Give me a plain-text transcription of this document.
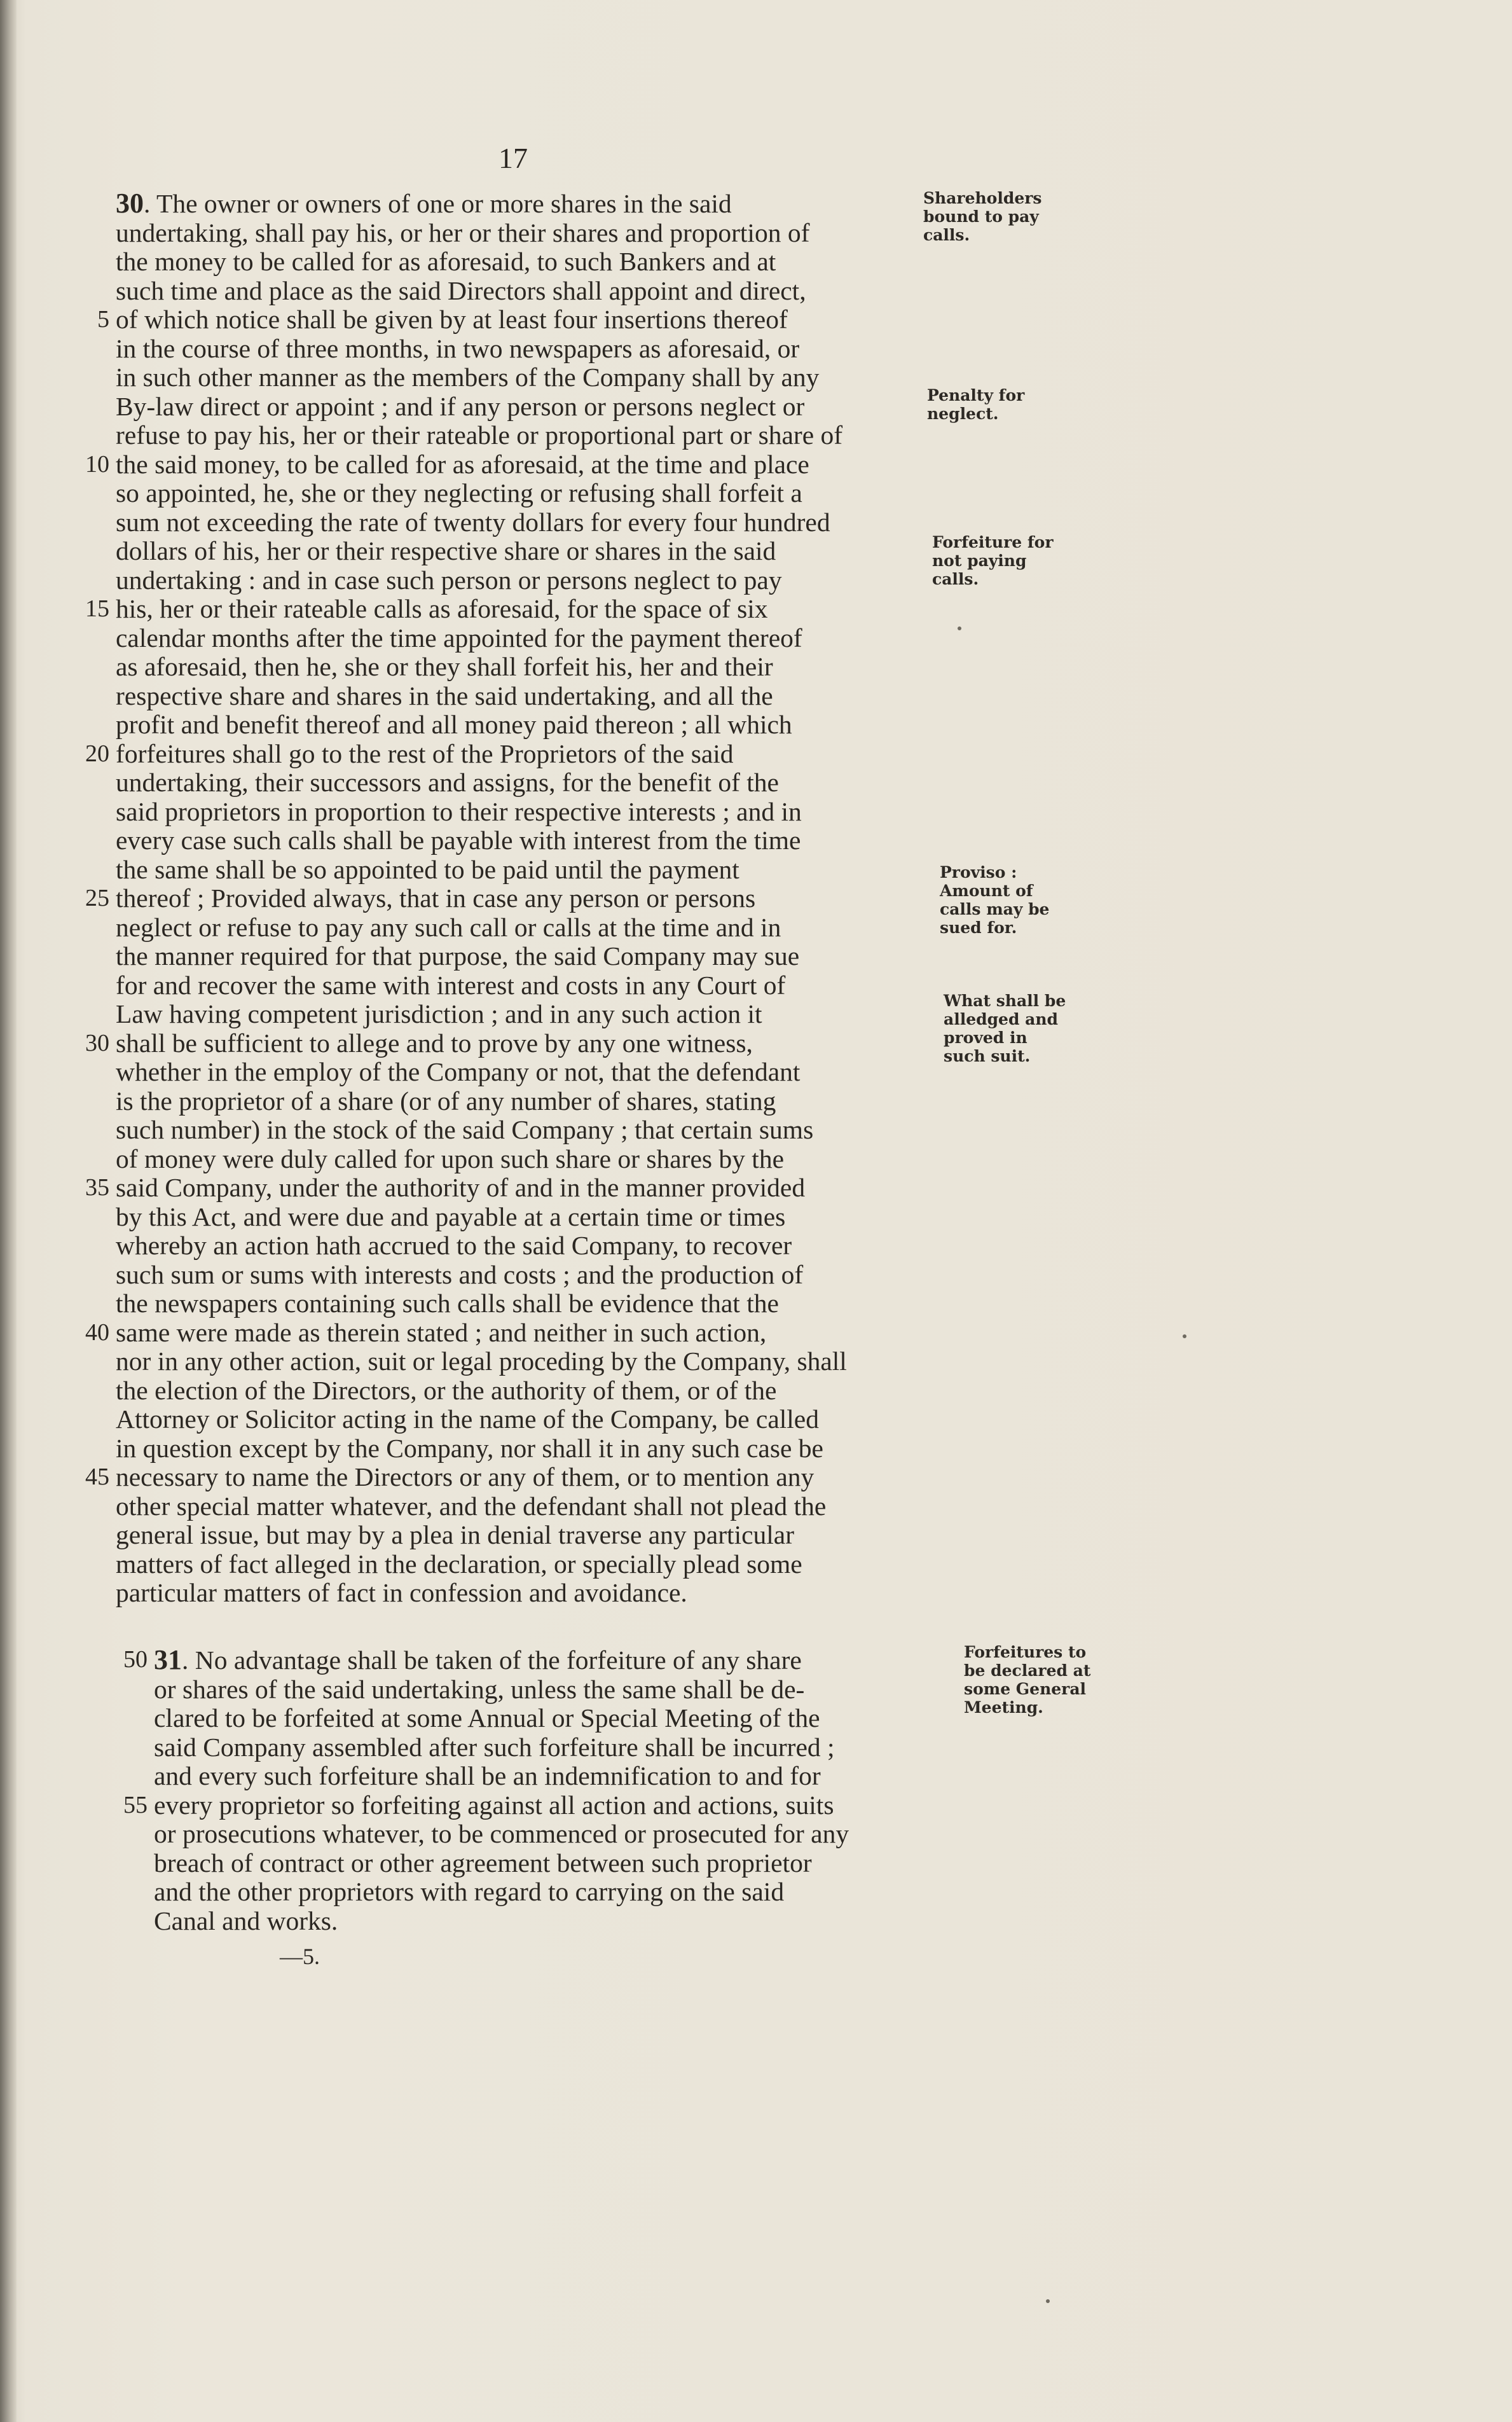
17
30. The owner or owners of one or more shares in the said
undertaking, shall pay his, or her or their shares and proportion of
the money to be called for as aforesaid, to such Bankers and at
such time and place as the said Directors shall appoint and direct,
5 of which notice shall be given by at least four insertions thereof
in the course of three months, in two newspapers as aforesaid, or
in such other manner as the members of the Company shall by any
By-law direct or appoint ; and if any person or persons neglect or
refuse to pay his, her or their rateable or proportional part or share of
10 the said money, to be called for as aforesaid, at the time and place
so appointed, he, she or they neglecting or refusing shall forfeit a
sum not exceeding the rate of twenty dollars for every four hundred
dollars of his, her or their respective share or shares in the said
undertaking : and in case such person or persons neglect to pay
15 his, her or their rateable calls as aforesaid, for the space of six
calendar months after the time appointed for the payment thereof
as aforesaid, then he, she or they shall forfeit his, her and their
respective share and shares in the said undertaking, and all the
profit and benefit thereof and all money paid thereon ; all which
20 forfeitures shall go to the rest of the Proprietors of the said
undertaking, their successors and assigns, for the benefit of the
said proprietors in proportion to their respective interests ; and in
every case such calls shall be payable with interest from the time
the same shall be so appointed to be paid until the payment
25 thereof ; Provided always, that in case any person or persons
neglect or refuse to pay any such call or calls at the time and in
the manner required for that purpose, the said Company may sue
for and recover the same with interest and costs in any Court of
Law having competent jurisdiction ; and in any such action it
30 shall be sufficient to allege and to prove by any one witness,
whether in the employ of the Company or not, that the defendant
is the proprietor of a share (or of any number of shares, stating
such number) in the stock of the said Company ; that certain sums
of money were duly called for upon such share or shares by the
35 said Company, under the authority of and in the manner provided
by this Act, and were due and payable at a certain time or times
whereby an action hath accrued to the said Company, to recover
such sum or sums with interests and costs ; and the production of
the newspapers containing such calls shall be evidence that the
40 same were made as therein stated ; and neither in such action,
nor in any other action, suit or legal proceding by the Company, shall
the election of the Directors, or the authority of them, or of the
Attorney or Solicitor acting in the name of the Company, be called
in question except by the Company, nor shall it in any such case be
45 necessary to name the Directors or any of them, or to mention any
other special matter whatever, and the defendant shall not plead the
general issue, but may by a plea in denial traverse any particular
matters of fact alleged in the declaration, or specially plead some
particular matters of fact in confession and avoidance.
50 31. No advantage shall be taken of the forfeiture of any share
or shares of the said undertaking, unless the same shall be de-
clared to be forfeited at some Annual or Special Meeting of the
said Company assembled after such forfeiture shall be incurred ;
and every such forfeiture shall be an indemnification to and for
55 every proprietor so forfeiting against all action and actions, suits
or prosecutions whatever, to be commenced or prosecuted for any
breach of contract or other agreement between such proprietor
and the other proprietors with regard to carrying on the said
Canal and works.
Shareholders
bound to pay
calls.
Penalty for
neglect.
Forfeiture for
not paying
calls.
Proviso :
Amount of
calls may be
sued for.
What shall be
alledged and
proved in
such suit.
Forfeitures to
be declared at
some General
Meeting.
—5.
